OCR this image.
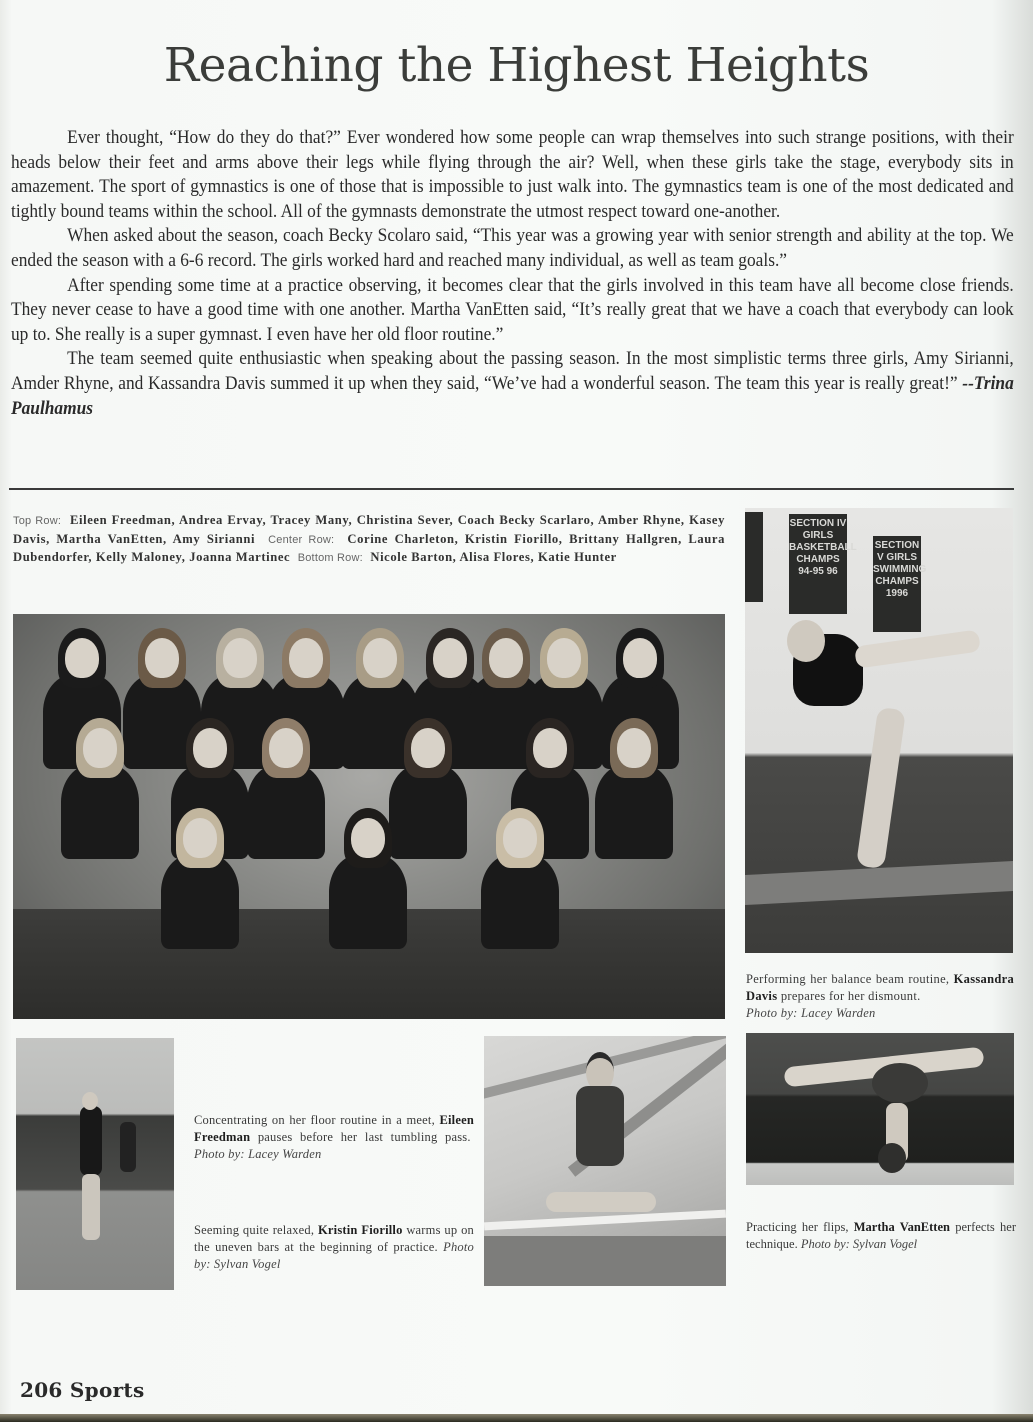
Reaching the Highest Heights

Ever thought, “How do they do that?” Ever wondered how some people can wrap themselves into such strange positions, with their heads below their feet and arms above their legs while flying through the air? Well, when these girls take the stage, everybody sits in amazement. The sport of gymnastics is one of those that is impossible to just walk into. The gymnastics team is one of the most dedicated and tightly bound teams within the school. All of the gymnasts demonstrate the utmost respect toward one-another.

When asked about the season, coach Becky Scolaro said, “This year was a growing year with senior strength and ability at the top. We ended the season with a 6-6 record. The girls worked hard and reached many individual, as well as team goals.”

After spending some time at a practice observing, it becomes clear that the girls involved in this team have all become close friends. They never cease to have a good time with one another. Martha VanEtten said, “It’s really great that we have a coach that everybody can look up to. She really is a super gymnast. I even have her old floor routine.”

The team seemed quite enthusiastic when speaking about the passing season. In the most simplistic terms three girls, Amy Sirianni, Amder Rhyne, and Kassandra Davis summed it up when they said, “We’ve had a wonderful season. The team this year is really great!” --Trina Paulhamus

Top Row: Eileen Freedman, Andrea Ervay, Tracey Many, Christina Sever, Coach Becky Scarlaro, Amber Rhyne, Kasey Davis, Martha VanEtten, Amy Sirianni Center Row: Corine Charleton, Kristin Fiorillo, Brittany Hallgren, Laura Dubendorfer, Kelly Maloney, Joanna Martinec Bottom Row: Nicole Barton, Alisa Flores, Katie Hunter
SECTION IV GIRLS BASKETBALL CHAMPS 94-95 96
SECTION V GIRLS SWIMMING CHAMPS 1996
Performing her balance beam routine, Kassandra Davis prepares for her dismount.
Photo by: Lacey Warden
Concentrating on her floor routine in a meet, Eileen Freedman pauses before her last tumbling pass.  Photo by: Lacey Warden
Seeming quite relaxed, Kristin Fiorillo warms up on the uneven bars at the beginning of practice. Photo by: Sylvan Vogel
Practicing her flips, Martha VanEtten perfects her technique. Photo by: Sylvan Vogel
206 Sports
